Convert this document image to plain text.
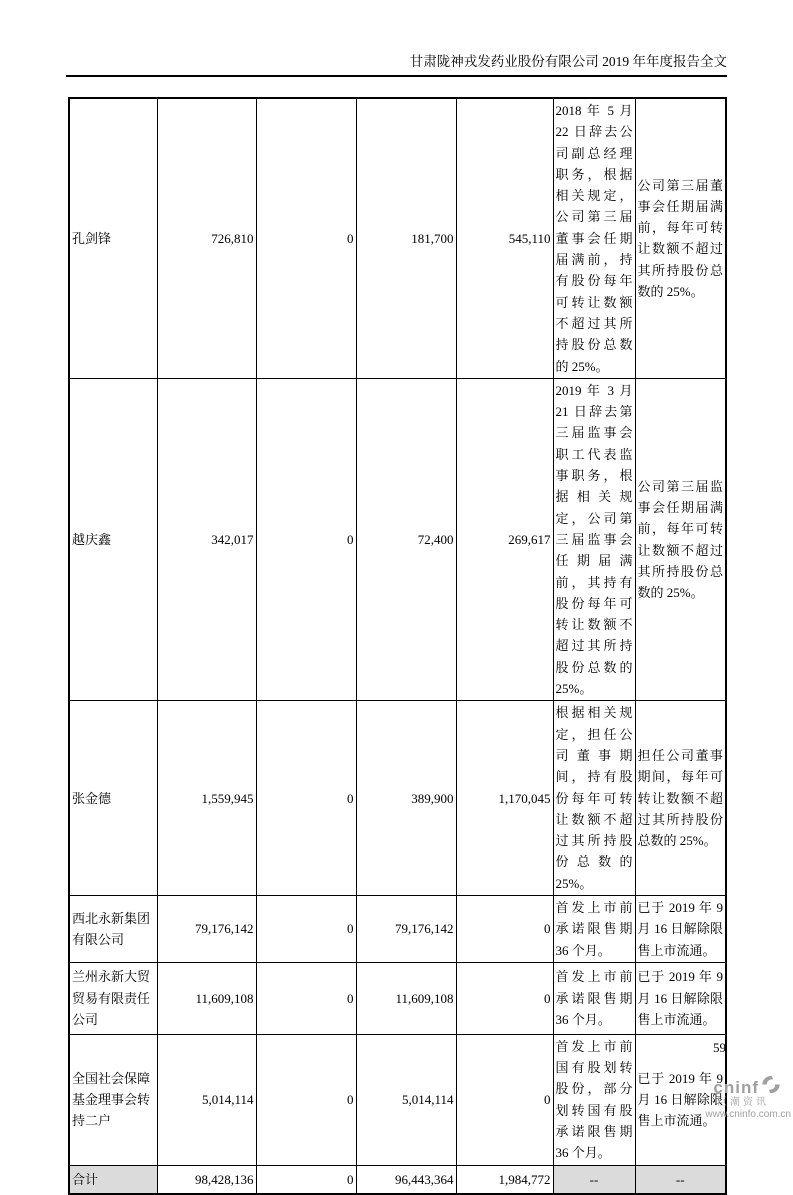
甘肃陇神戎发药业股份有限公司 2019 年年度报告全文
孔剑锋	726,810	0	181,700	545,110	2018 年 5 月 22 日辞去公司副总经理职务，根据相关规定，公司第三届董事会任期届满前，持有股份每年可转让数额不超过其所持股份总数的 25%。	公司第三届董事会任期届满前，每年可转让数额不超过其所持股份总数的 25%。
越庆鑫	342,017	0	72,400	269,617	2019 年 3 月 21 日辞去第三届监事会职工代表监事职务，根据相关规定，公司第三届监事会任期届满前，其持有股份每年可转让数额不超过其所持股份总数的 25%。	公司第三届监事会任期届满前，每年可转让数额不超过其所持股份总数的 25%。
张金德	1,559,945	0	389,900	1,170,045	根据相关规定，担任公司董事期间，持有股份每年可转让数额不超过其所持股份总数的 25%。	担任公司董事期间，每年可转让数额不超过其所持股份总数的 25%。
西北永新集团有限公司	79,176,142	0	79,176,142	0	首发上市前承诺限售期 36 个月。	已于 2019 年 9 月 16 日解除限售上市流通。
兰州永新大贸贸易有限责任公司	11,609,108	0	11,609,108	0	首发上市前承诺限售期 36 个月。	已于 2019 年 9 月 16 日解除限售上市流通。
全国社会保障基金理事会转持二户	5,014,114	0	5,014,114	0	首发上市前国有股划转股份，部分划转国有股承诺限售期 36 个月。	已于 2019 年 9 月 16 日解除限售上市流通。
合计	98,428,136	0	96,443,364	1,984,772	--	--
59
cninf
巨潮资讯
www.cninfo.com.cn
